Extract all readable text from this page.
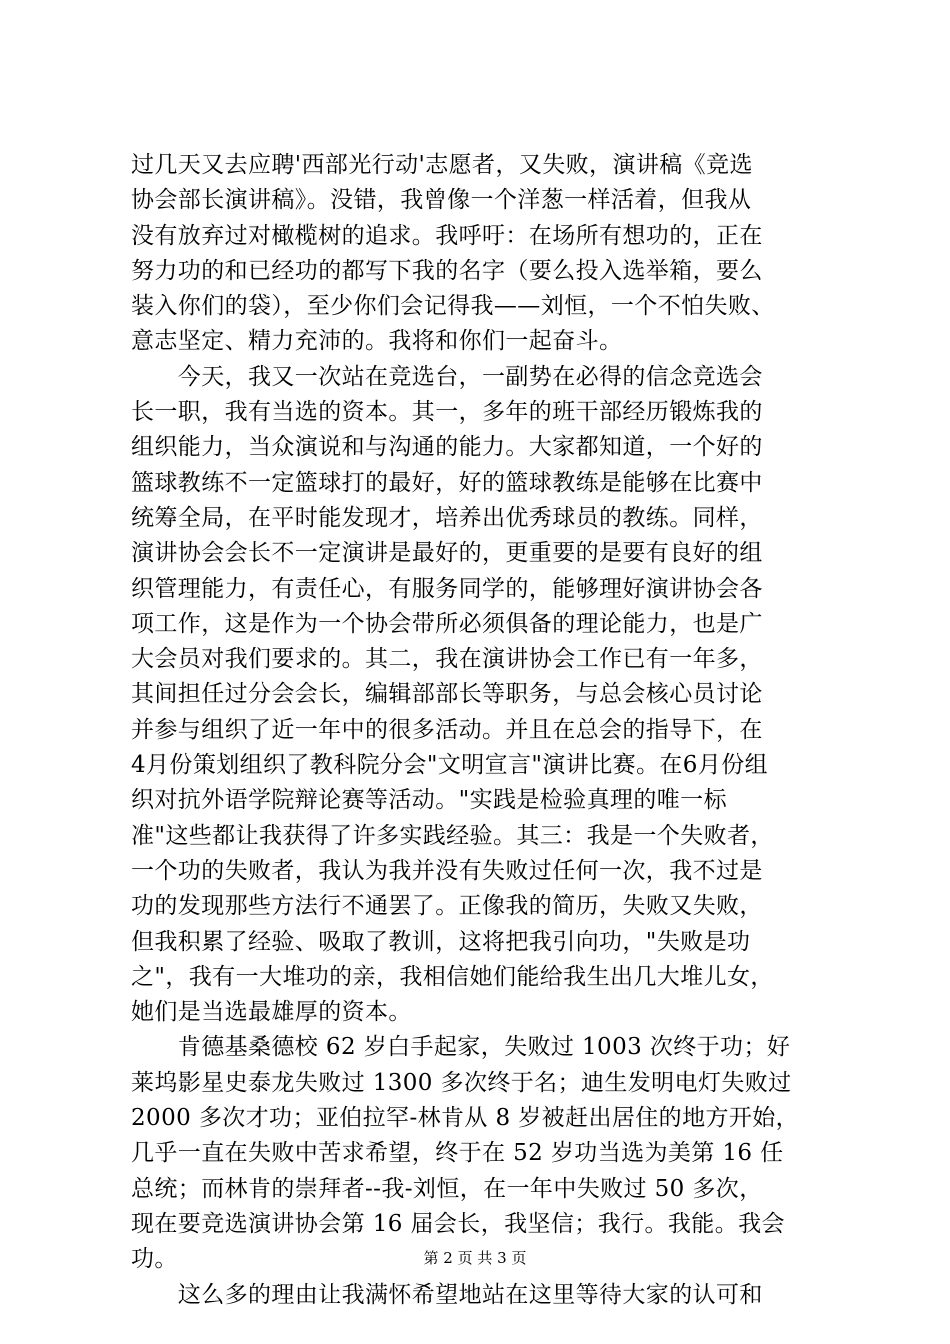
过几天又去应聘'西部光行动'志愿者，又失败，演讲稿《竞选
协会部长演讲稿》。没错，我曾像一个洋葱一样活着，但我从
没有放弃过对橄榄树的追求。我呼吁：在场所有想功的，正在
努力功的和已经功的都写下我的名字（要么投入选举箱，要么
装入你们的袋），至少你们会记得我——刘恒，一个不怕失败、
意志坚定、精力充沛的。我将和你们一起奋斗。
　　今天，我又一次站在竞选台，一副势在必得的信念竞选会
长一职，我有当选的资本。其一，多年的班干部经历锻炼我的
组织能力，当众演说和与沟通的能力。大家都知道，一个好的
篮球教练不一定篮球打的最好，好的篮球教练是能够在比赛中
统筹全局，在平时能发现才，培养出优秀球员的教练。同样，
演讲协会会长不一定演讲是最好的，更重要的是要有良好的组
织管理能力，有责任心，有服务同学的，能够理好演讲协会各
项工作，这是作为一个协会带所必须俱备的理论能力，也是广
大会员对我们要求的。其二，我在演讲协会工作已有一年多，
其间担任过分会会长，编辑部部长等职务，与总会核心员讨论
并参与组织了近一年中的很多活动。并且在总会的指导下，在
4月份策划组织了教科院分会"文明宣言"演讲比赛。在6月份组
织对抗外语学院辩论赛等活动。"实践是检验真理的唯一标
准"这些都让我获得了许多实践经验。其三：我是一个失败者，
一个功的失败者，我认为我并没有失败过任何一次，我不过是
功的发现那些方法行不通罢了。正像我的简历，失败又失败，
但我积累了经验、吸取了教训，这将把我引向功，"失败是功
之"，我有一大堆功的亲，我相信她们能给我生出几大堆儿女，
她们是当选最雄厚的资本。
　　肯德基桑德校 62 岁白手起家，失败过 1003 次终于功；好
莱坞影星史泰龙失败过 1300 多次终于名；迪生发明电灯失败过
2000 多次才功；亚伯拉罕-林肯从 8 岁被赶出居住的地方开始，
几乎一直在失败中苦求希望，终于在 52 岁功当选为美第 16 任
总统；而林肯的崇拜者--我-刘恒，在一年中失败过 50 多次，
现在要竞选演讲协会第 16 届会长，我坚信；我行。我能。我会
功。
　　这么多的理由让我满怀希望地站在这里等待大家的认可和
第 2 页 共 3 页
